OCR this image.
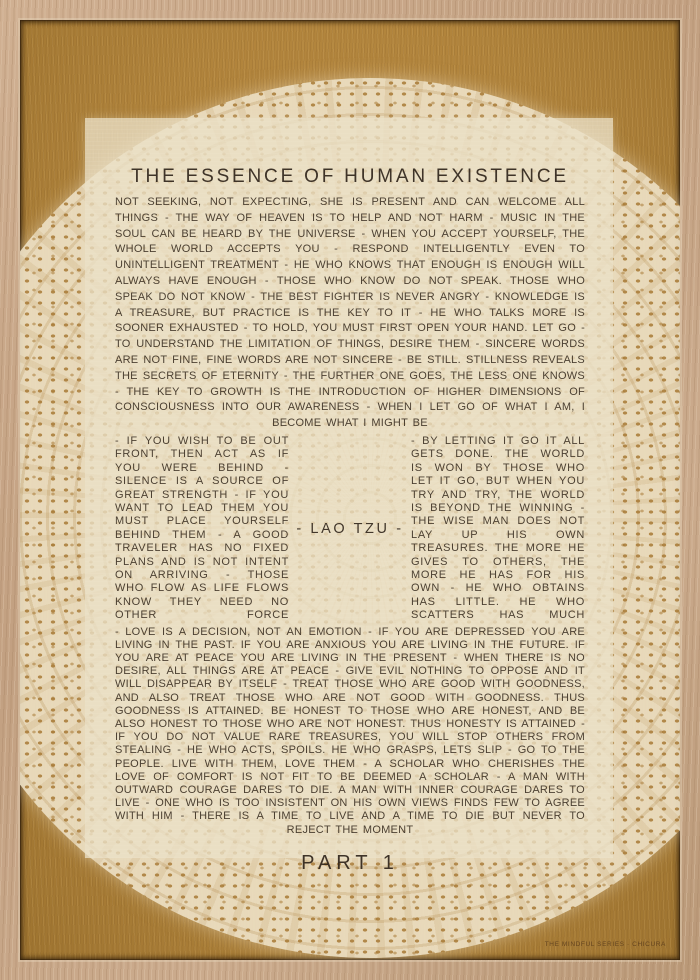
THE ESSENCE OF HUMAN EXISTENCE

NOT SEEKING, NOT EXPECTING, SHE IS PRESENT AND CAN WELCOME ALL THINGS - THE WAY OF HEAVEN IS TO HELP AND NOT HARM - MUSIC IN THE SOUL CAN BE HEARD BY THE UNIVERSE - WHEN YOU ACCEPT YOURSELF, THE WHOLE WORLD ACCEPTS YOU - RESPOND INTELLIGENTLY EVEN TO UNINTELLIGENT TREATMENT - HE WHO KNOWS THAT ENOUGH IS ENOUGH WILL ALWAYS HAVE ENOUGH - THOSE WHO KNOW DO NOT SPEAK. THOSE WHO SPEAK DO NOT KNOW - THE BEST FIGHTER IS NEVER ANGRY - KNOWLEDGE IS A TREASURE, BUT PRACTICE IS THE KEY TO IT - HE WHO TALKS MORE IS SOONER EXHAUSTED - TO HOLD, YOU MUST FIRST OPEN YOUR HAND. LET GO - TO UNDERSTAND THE LIMITATION OF THINGS, DESIRE THEM - SINCERE WORDS ARE NOT FINE, FINE WORDS ARE NOT SINCERE - BE STILL. STILLNESS REVEALS THE SECRETS OF ETERNITY - THE FURTHER ONE GOES, THE LESS ONE KNOWS - THE KEY TO GROWTH IS THE INTRODUCTION OF HIGHER DIMENSIONS OF CONSCIOUSNESS INTO OUR AWARENESS - WHEN I LET GO OF WHAT I AM, I BECOME WHAT I MIGHT BE

- IF YOU WISH TO BE OUT FRONT, THEN ACT AS IF YOU WERE BEHIND - SILENCE IS A SOURCE OF GREAT STRENGTH - IF YOU WANT TO LEAD THEM YOU MUST PLACE YOURSELF BEHIND THEM - A GOOD TRAVELER HAS NO FIXED PLANS AND IS NOT INTENT ON ARRIVING - THOSE WHO FLOW AS LIFE FLOWS KNOW THEY NEED NO OTHER FORCE

- LAO TZU -

- BY LETTING IT GO IT ALL GETS DONE. THE WORLD IS WON BY THOSE WHO LET IT GO, BUT WHEN YOU TRY AND TRY, THE WORLD IS BEYOND THE WINNING - THE WISE MAN DOES NOT LAY UP HIS OWN TREASURES. THE MORE HE GIVES TO OTHERS, THE MORE HE HAS FOR HIS OWN - HE WHO OBTAINS HAS LITTLE. HE WHO SCATTERS HAS MUCH

- LOVE IS A DECISION, NOT AN EMOTION - IF YOU ARE DEPRESSED YOU ARE LIVING IN THE PAST. IF YOU ARE ANXIOUS YOU ARE LIVING IN THE FUTURE. IF YOU ARE AT PEACE YOU ARE LIVING IN THE PRESENT - WHEN THERE IS NO DESIRE, ALL THINGS ARE AT PEACE - GIVE EVIL NOTHING TO OPPOSE AND IT WILL DISAPPEAR BY ITSELF - TREAT THOSE WHO ARE GOOD WITH GOODNESS, AND ALSO TREAT THOSE WHO ARE NOT GOOD WITH GOODNESS. THUS GOODNESS IS ATTAINED. BE HONEST TO THOSE WHO ARE HONEST, AND BE ALSO HONEST TO THOSE WHO ARE NOT HONEST. THUS HONESTY IS ATTAINED - IF YOU DO NOT VALUE RARE TREASURES, YOU WILL STOP OTHERS FROM STEALING - HE WHO ACTS, SPOILS. HE WHO GRASPS, LETS SLIP - GO TO THE PEOPLE. LIVE WITH THEM, LOVE THEM - A SCHOLAR WHO CHERISHES THE LOVE OF COMFORT IS NOT FIT TO BE DEEMED A SCHOLAR - A MAN WITH OUTWARD COURAGE DARES TO DIE. A MAN WITH INNER COURAGE DARES TO LIVE - ONE WHO IS TOO INSISTENT ON HIS OWN VIEWS FINDS FEW TO AGREE WITH HIM - THERE IS A TIME TO LIVE AND A TIME TO DIE BUT NEVER TO REJECT THE MOMENT

PART 1
THE MINDFUL SERIES · CHICURA
